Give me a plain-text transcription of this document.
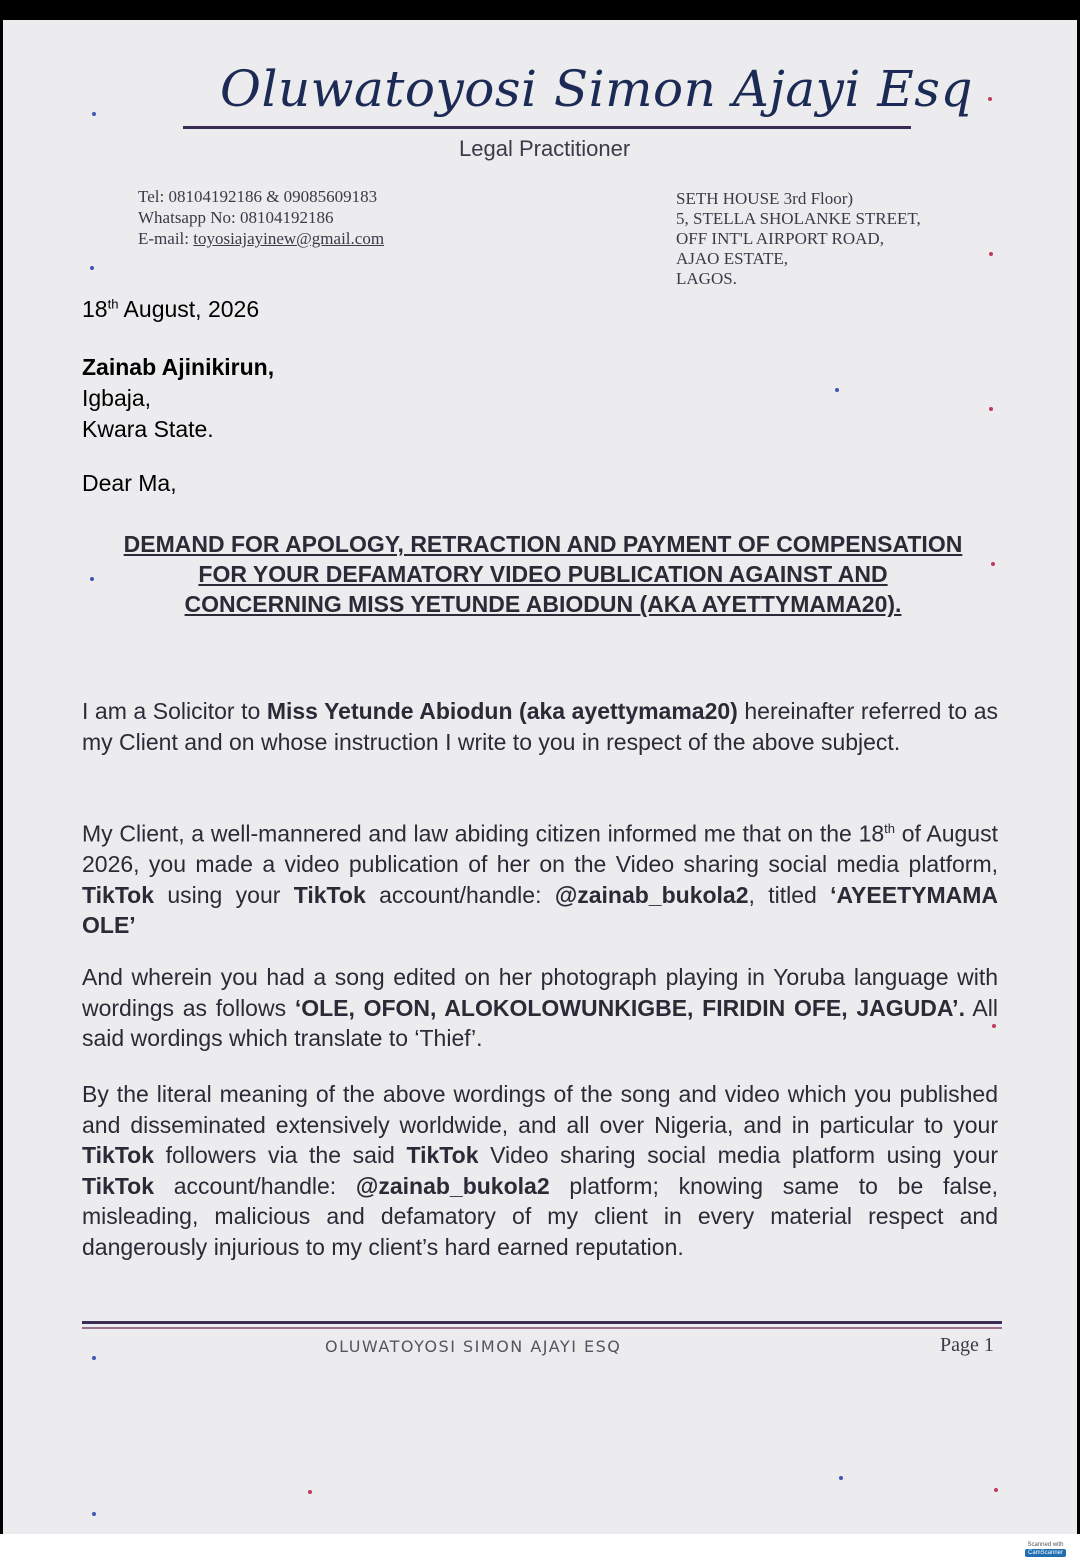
Oluwatoyosi Simon Ajayi Esq
Legal Practitioner
Tel: 08104192186 & 09085609183
Whatsapp No: 08104192186
E-mail: toyosiajayinew@gmail.com
SETH HOUSE 3rd Floor)
5, STELLA SHOLANKE STREET,
OFF INT'L AIRPORT ROAD,
AJAO ESTATE,
LAGOS.
18th August, 2026
Zainab Ajinikirun,
Igbaja,
Kwara State.
Dear Ma,
DEMAND FOR APOLOGY, RETRACTION AND PAYMENT OF COMPENSATION FOR YOUR DEFAMATORY VIDEO PUBLICATION AGAINST AND CONCERNING MISS YETUNDE ABIODUN (AKA AYETTYMAMA20).
I am a Solicitor to Miss Yetunde Abiodun (aka ayettymama20) hereinafter referred to as my Client and on whose instruction I write to you in respect of the above subject.
My Client, a well-mannered and law abiding citizen informed me that on the 18th of August 2026, you made a video publication of her on the Video sharing social media platform, TikTok using your TikTok account/handle: @zainab_bukola2, titled ‘AYEETYMAMA OLE’
And wherein you had a song edited on her photograph playing in Yoruba language with wordings as follows ‘OLE, OFON, ALOKOLOWUNKIGBE, FIRIDIN OFE, JAGUDA’. All said wordings which translate to ‘Thief’.
By the literal meaning of the above wordings of the song and video which you published and disseminated extensively worldwide, and all over Nigeria, and in particular to your TikTok followers via the said TikTok Video sharing social media platform using your TikTok account/handle: @zainab_bukola2 platform; knowing same to be false, misleading, malicious and defamatory of my client in every material respect and dangerously injurious to my client’s hard earned reputation.
OLUWATOYOSI SIMON AJAYI ESQ	Page 1
Scanned with
CamScanner
